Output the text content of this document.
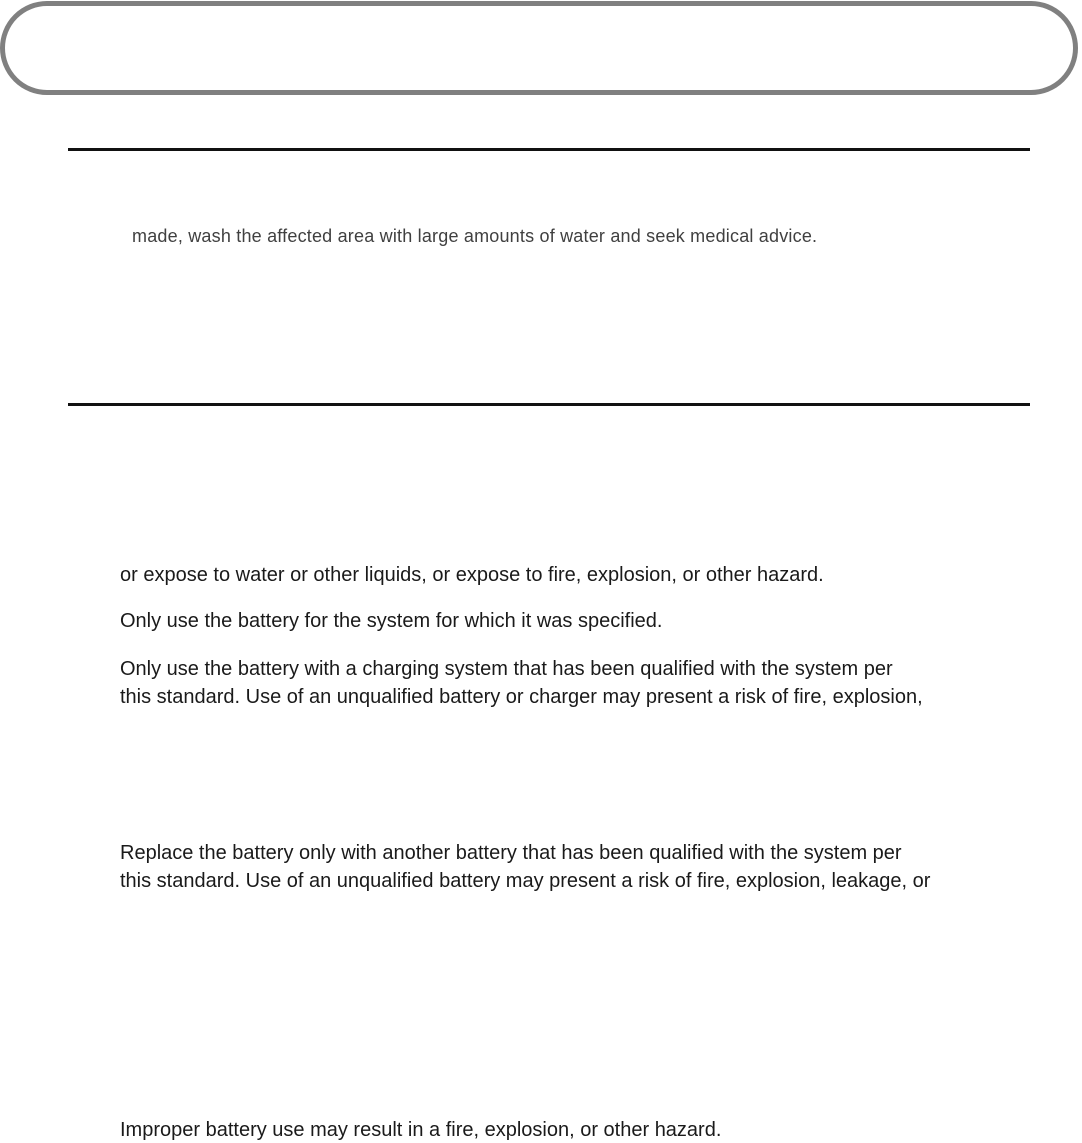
made, wash the affected area with large amounts of water and seek medical advice.
or expose to water or other liquids, or expose to fire, explosion, or other hazard.
Only use the battery for the system for which it was specified.
Only use the battery with a charging system that has been qualified with the system per
this standard. Use of an unqualified battery or charger may present a risk of fire, explosion,
Replace the battery only with another battery that has been qualified with the system per
this standard. Use of an unqualified battery may present a risk of fire, explosion, leakage, or
Improper battery use may result in a fire, explosion, or other hazard.
